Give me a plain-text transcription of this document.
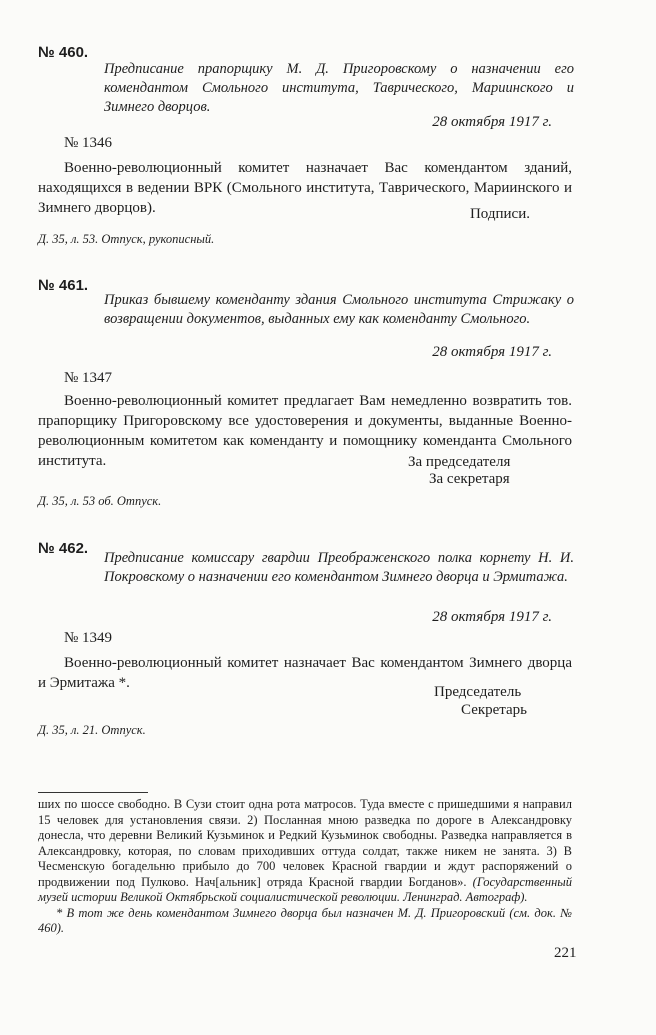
№ 460.
Предписание прапорщику М. Д. Пригоровскому о назначении его комендантом Смольного института, Таврического, Мариинского и Зимнего дворцов.
28 октября 1917 г.
№ 1346
Военно-революционный комитет назначает Вас комендантом зданий, находящихся в ведении ВРК (Смольного института, Таврического, Мариинского и Зимнего дворцов).	Подписи.
Д. 35, л. 53. Отпуск, рукописный.
№ 461.
Приказ бывшему коменданту здания Смольного института Стрижаку о возвращении документов, выданных ему как коменданту Смольного.
28 октября 1917 г.
№ 1347
Военно-революционный комитет предлагает Вам немедленно возвратить тов. прапорщику Пригоровскому все удостоверения и документы, выданные Военно-революционным комитетом как коменданту и помощнику коменданта Смольного института.	За председателя
За секретаря
Д. 35, л. 53 об. Отпуск.
№ 462.
Предписание комиссару гвардии Преображенского полка корнету Н. И. Покровскому о назначении его комендантом Зимнего дворца и Эрмитажа.
28 октября 1917 г.
№ 1349
Военно-революционный комитет назначает Вас комендантом Зимнего дворца и Эрмитажа *.
Председатель
Секретарь
Д. 35, л. 21. Отпуск.

ших по шоссе свободно. В Сузи стоит одна рота матросов. Туда вместе с пришедшими я направил 15 человек для установления связи. 2) Посланная мною разведка по дороге в Александровку донесла, что деревни Великий Кузьминок и Редкий Кузьминок свободны. Разведка направляется в Александровку, которая, по словам приходивших оттуда солдат, также никем не занята. 3) В Чесменскую богадельню прибыло до 700 человек Красной гвардии и ждут распоряжений о продвижении под Пулково. Нач[альник] отряда Красной гвардии Богданов». (Государственный музей истории Великой Октябрьской социалистической революции. Ленинград. Автограф).

* В тот же день комендантом Зимнего дворца был назначен М. Д. Пригоровский (см. док. № 460).

221
